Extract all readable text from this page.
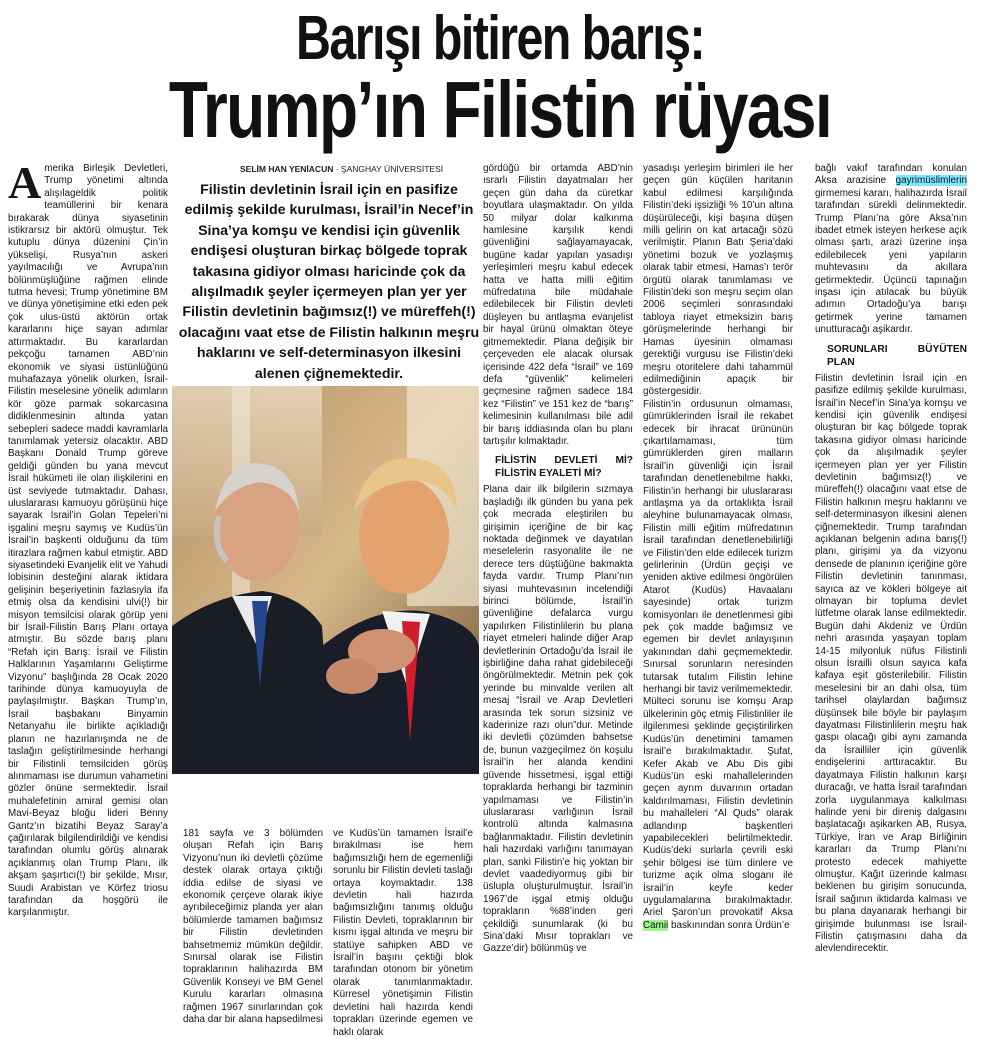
Barışı bitiren barış:
Trump’ın Filistin rüyası
Amerika Birleşik Devletleri, Trump yönetimi altında alışılageldik politik teamüllerini bir kenara bırakarak dünya siyasetinin istikrarsız bir aktörü olmuştur. Tek kutuplu dünya düzenini Çin’in yükselişi, Rusya’nın askeri yayılmacılığı ve Avrupa’nın bölünmüşlüğüne rağmen elinde tutma hevesi; Trump yönetimine BM ve dünya yönetişimine etki eden pek çok ulus-üstü aktörün ortak kararlarını hiçe sayan adımlar attırmaktadır. Bu kararlardan pekçoğu tamamen ABD’nin ekonomik ve siyasi üstünlüğünü muhafazaya yönelik olurken, İsrail-Filistin meselesine yönelik adımların kör göze parmak sokarcasına didiklenmesinin altında yatan sebepleri sadece maddi kavramlarla tanımlamak yetersiz olacaktır. ABD Başkanı Donald Trump göreve geldiği günden bu yana mevcut İsrail hükümeti ile olan ilişkilerini en üst seviyede tutmaktadır. Dahası, uluslararası kamuoyu görüşünü hiçe sayarak İsrail’in Golan Tepeleri’ni işgalini meşru saymış ve Kudüs’ün İsrail’in başkenti olduğunu da tüm itirazlara rağmen kabul etmiştir. ABD siyasetindeki Evanjelik elit ve Yahudi lobisinin desteğini alarak iktidara gelişinin beşeriyetinin fazlasıyla ifa etmiş olsa da kendisini ulvi(!) bir misyon temsilcisi olarak görüp yeni bir İsrail-Filistin Barış Planı ortaya atmıştır. Bu sözde barış planı “Refah için Barış: İsrail ve Filistin Halklarının Yaşamlarını Geliştirme Vizyonu” başlığında 28 Ocak 2020 tarihinde dünya kamuoyuyla de paylaşılmıştır. Başkan Trump’ın, İsrail başbakanı Binyamin Netanyahu ile birlikte açıkladığı planın ne hazırlanışında ne de taslağın geliştirilmesinde herhangi bir Filistinli temsilciden görüş alınmaması ise durumun vahametini gözler önüne sermektedir. İsrail muhalefetinin amiral gemisi olan Mavi-Beyaz bloğu lideri Benny Gantz’ın bizatihi Beyaz Saray’a çağırılarak bilgilendirildiği ve kendisi tarafından olumlu görüş alınarak açıklanmış olan Trump Planı, ilk akşam şaşırtıcı(!) bir şekilde, Mısır, Suudi Arabistan ve Körfez triosu tarafından da hoşgörü ile karşılanmıştır.
SELİM HAN YENİACUN · ŞANGHAY ÜNİVERSİTESİ
Filistin devletinin İsrail için en pasifize edilmiş şekilde kurulması, İsrail’in Necef’in Sina’ya komşu ve kendisi için güvenlik endişesi oluşturan birkaç bölgede toprak takasına gidiyor olması haricinde çok da alışılmadık şeyler içermeyen plan yer yer Filistin devletinin bağımsız(!) ve müreffeh(!) olacağını vaat etse de Filistin halkının meşru haklarını ve self-determinasyon ilkesini alenen çiğnemektedir.
181 sayfa ve 3 bölümden oluşan Refah için Barış Vizyonu’nun iki devletli çözüme destek olarak ortaya çıktığı iddia edilse de siyasi ve ekonomik çerçeve olarak ikiye ayrıbileceğimiz planda yer alan bölümlerde tamamen bağımsız bir Filistin devletinden bahsetmemiz mümkün değildir. Sınırsal olarak ise Filistin topraklarının halihazırda BM Güvenlik Konseyi ve BM Genel Kurulu kararları olmasına rağmen 1967 sınırlarından çok daha dar bir alana hapsedilmesi
ve Kudüs’ün tamamen İsrail’e bırakılması ise hem bağımsızlığı hem de egemenliği sorunlu bir Filistin devleti taslağı ortaya koymaktadır. 138 devletin hali hazırda bağımsızlığını tanımış olduğu Filistin Devleti, topraklarının bir kısmı işgal altında ve meşru bir statüye sahipken ABD ve İsrail’in başını çektiği blok tarafından otonom bir yönetim olarak tanımlanmaktadır. Kürresel yönetişimin Filistin devletini hali hazırda kendi toprakları üzerinde egemen ve haklı olarak

gördüğü bir ortamda ABD’nin ısrarlı Filistin dayatmaları her geçen gün daha da cüretkar boyutlara ulaşmaktadır. On yılda 50 milyar dolar kalkınma hamlesine karşılık kendi güvenliğini sağlayamayacak, bugüne kadar yapılan yasadışı yerleşimleri meşru kabul edecek hatta ve hatta milli eğitim müfredatına bile müdahale edilebilecek bir Filistin devleti düşleyen bu antlaşma evanjelist bir hayal ürünü olmaktan öteye gitmemektedir. Plana değişik bir çerçeveden ele alacak olursak içerisinde 422 defa “İsrail” ve 169 defa “güvenlik” kelimeleri geçmesine rağmen sadece 184 kez “Filistin” ve 151 kez de “barış” kelimesinin kullanılması bile adil bir barış iddiasında olan bu planı tartışılır kılmaktadır.

FİLİSTİN DEVLETİ Mİ? FİLİSTİN EYALETİ Mİ?

Plana dair ilk bilgilerin sızmaya başladığı ilk günden bu yana pek çok mecrada eleştirilen bu girişimin içeriğine de bir kaç noktada değinmek ve dayatılan meselelerin rasyonalite ile ne derece ters düştüğüne bakmakta fayda vardır. Trump Planı’nın siyasi muhtevasının incelendiği birinci bölümde, İsrail’in güvenliğine defalarca vurgu yapılırken Filistinlilerin bu plana riayet etmeleri halinde diğer Arap devletlerinin Ortadoğu’da İsrail ile işbirliğine daha rahat gidebileceği öngörülmektedir. Metnin pek çok yerinde bu minvalde verilen alt mesaj “İsrail ve Arap Devletleri arasında tek sorun sizsiniz ve kaderinize razı olun”dur. Metinde iki devletli çözümden bahsetse de, bunun vazgeçilmez ön koşulu İsrail’in her alanda kendini güvende hissetmesi, işgal ettiği topraklarda herhangi bir tazminin yapılmaması ve Filistin’in uluslararası varlığının İsrail kontrolü altında kalmasına bağlanmaktadır. Filistin devletinin hali hazırdaki varlığını tanımayan plan, sanki Filistin’e hiç yoktan bir devlet vaadediyormuş gibi bir üslupla oluşturulmuştur. İsrail’in 1967’de işgal etmiş olduğu toprakların %88’inden geri çekildiği sunumlarak (ki bu Sina’daki Mısır toprakları ve Gazze’dir) bölünmüş ve

yasadışı yerleşim birimleri ile her geçen gün küçülen haritanın kabul edilmesi karşılığında Filistin’deki işsizliği % 10’un altına düşürüleceği, kişi başına düşen milli gelirin on kat artacağı sözü verilmiştir. Planın Batı Şeria’daki yönetimi bozuk ve yozlaşmış olarak tabir etmesi, Hamas’ı terör örgütü olarak tanımlaması ve Filistin’deki son meşru seçim olan 2006 seçimleri sonrasındaki tabloya riayet etmeksizin barış görüşmelerinde herhangi bir Hamas üyesinin olmaması gerektiği vurgusu ise Filistin’deki meşru otoritelere dahi tahammül edilmediğinin apaçık bir göstergesidir.

Filistin’in ordusunun olmaması, gümrüklerinden İsrail ile rekabet edecek bir ihracat ürününün çıkartılamaması, tüm gümrüklerden giren malların İsrail’in güvenliği için İsrail tarafından denetlenebilme hakkı, Filistin’in herhangi bir uluslararası antlaşma ya da ortaklıkta İsrail aleyhine bulunamayacak olması, Filistin milli eğitim müfredatının İsrail tarafından denetlenebilirliği ve Filistin’den elde edilecek turizm gelirlerinin (Ürdün geçişi ve yeniden aktive edilmesi öngörülen Atarot (Kudüs) Havaalanı sayesinde) ortak turizm komisyonları ile denetlenmesi gibi pek çok madde bağımsız ve egemen bir devlet anlayışının yakınından dahi geçmemektedir. Sınırsal sorunların neresinden tutarsak tutalım Filistin lehine herhangi bir taviz verilmemektedir. Mülteci sorunu ise komşu Arap ülkelerinin göç etmiş Filistinliler ile ilgilenmesi şeklinde geçiştirilirken Kudüs’ün denetimini tamamen İsrail’e bırakılmaktadır. Şufat, Kefer Akab ve Abu Dis gibi Kudüs’ün eski mahallelerinden geçen ayrım duvarının ortadan kaldırılmaması, Filistin devletinin bu mahalleleri “Al Quds” olarak adlandırıp başkentleri yapabilecekleri belirtilmektedir. Kudüs’deki surlarla çevrili eski şehir bölgesi ise tüm dinlere ve turizme açık olma sloganı ile İsrail’in keyfe keder uygulamalarına bırakılmaktadır. Ariel Şaron’un provokatif Aksa Camii baskınından sonra Ürdün’e

bağlı vakıf tarafından konulan Aksa arazisine gayrimüslimlerin girmemesi kararı, halihazırda İsrail tarafından sürekli delinmektedir. Trump Planı’na göre Aksa’nın ibadet etmek isteyen herkese açık olması şartı, arazi üzerine inşa edilebilecek yeni yapıların muhtevasını da akıllara getirmektedir. Üçüncü tapınağın inşası için atılacak bu büyük adımın Ortadoğu’ya barışı getirmek yerine tamamen unutturacağı aşikardır.

SORUNLARI BÜYÜTEN PLAN

Filistin devletinin İsrail için en pasifize edilmiş şekilde kurulması, İsrail’in Necef’in Sina’ya komşu ve kendisi için güvenlik endişesi oluşturan bir kaç bölgede toprak takasına gidiyor olması haricinde çok da alışılmadık şeyler içermeyen plan yer yer Filistin devletinin bağımsız(!) ve müreffeh(!) olacağını vaat etse de Filistin halkının meşru haklarını ve self-determinasyon ilkesini alenen çiğnemektedir. Trump tarafından açıklanan belgenin adına barış(!) planı, girişimi ya da vizyonu densede de planının içeriğine göre Filistin devletinin tanınması, sayıca az ve kökleri bölgeye ait olmayan bir topluma devlet lütfetme olarak lanse edilmektedir. Bugün dahi Akdeniz ve Ürdün nehri arasında yaşayan toplam 14-15 milyonluk nüfus Filistinli olsun İsrailli olsun sayıca kafa kafaya eşit gösterilebilir. Filistin meselesini bir an dahi olsa, tüm tarihsel olaylardan bağımsız düşünsek bile böyle bir paylaşım dayatması Filistinlilerin meşru hak gaspı olacağı gibi aynı zamanda da İsrailliler için güvenlik endişelerini arttıracaktır. Bu dayatmaya Filistin halkının karşı duracağı, ve hatta İsrail tarafından zorla uygulanmaya kalkılması halinde yeni bir direniş dalgasını başlatacağı aşikarken AB, Rusya, Türkiye, İran ve Arap Birliğinin kararları da Trump Planı’nı protesto edecek mahiyette olmuştur. Kağıt üzerinde kalması beklenen bu girişim sonucunda, İsrail sağının iktidarda kalması ve bu plana dayanarak herhangi bir girişimde bulunması ise İsrail-Filistin çatışmasını daha da alevlendirecektir.
